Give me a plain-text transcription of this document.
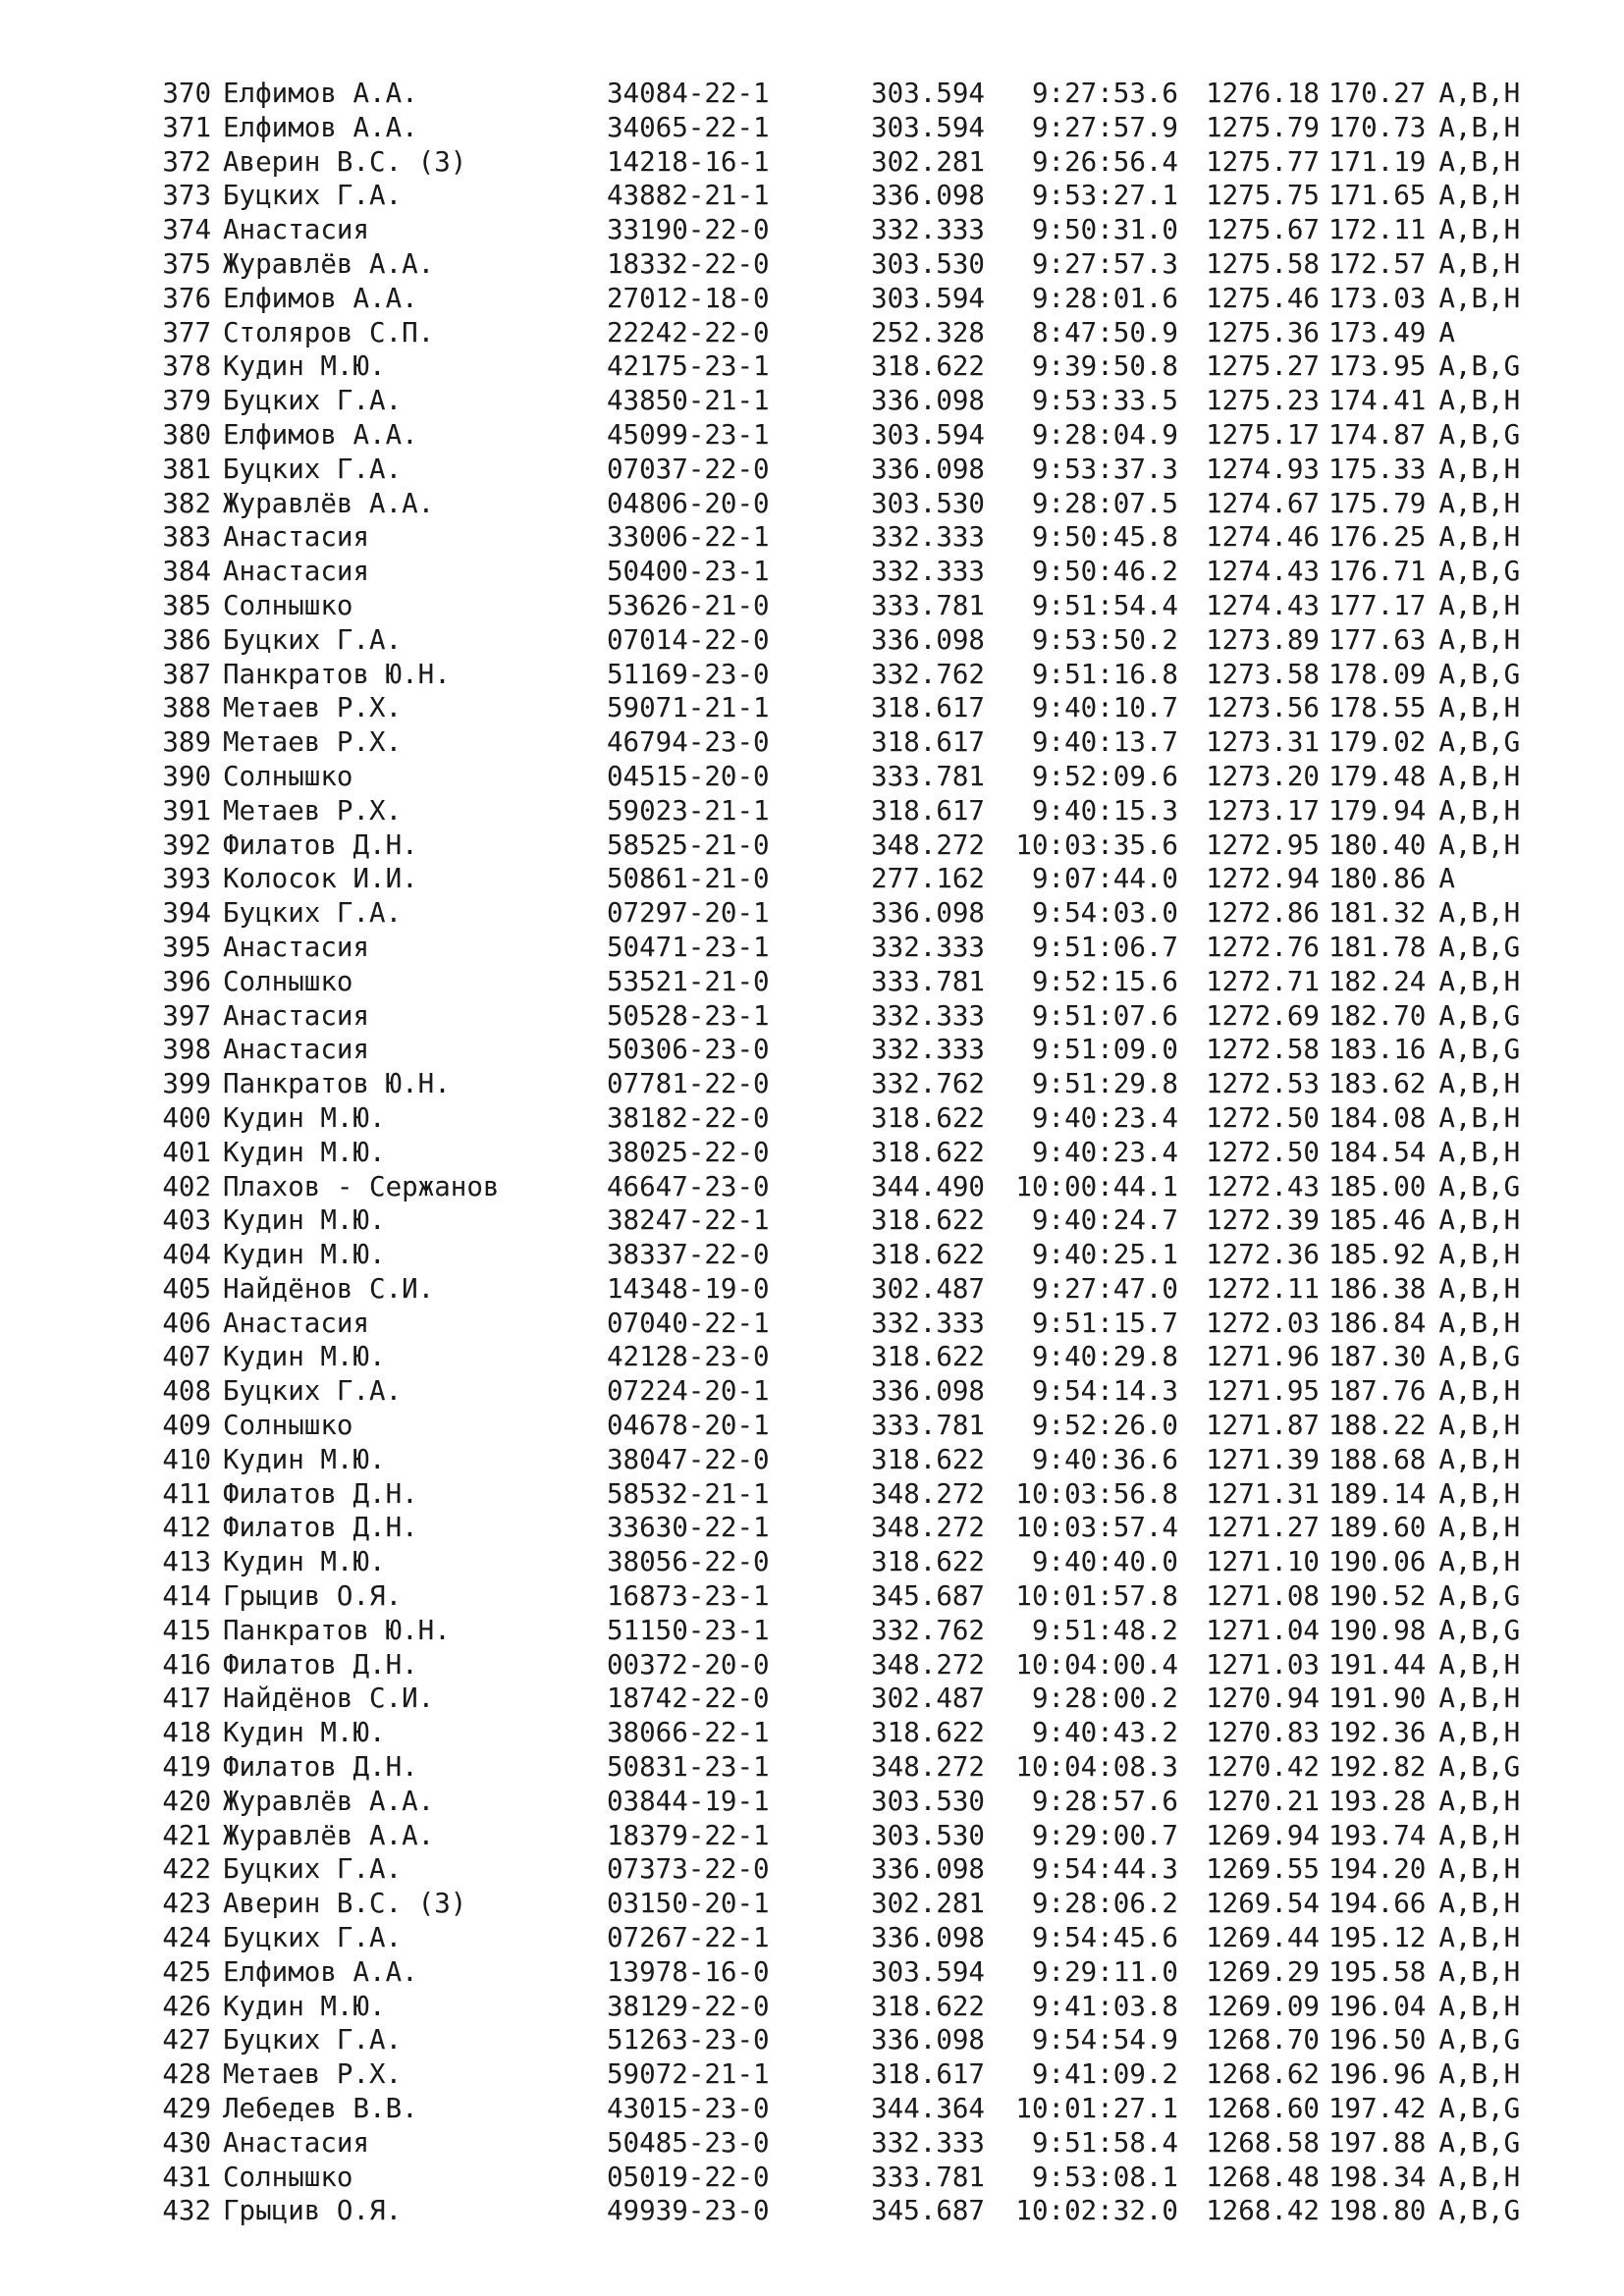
370	Елфимов А.А.	34084-22-1	303.594	9:27:53.6	1276.18	170.27	A,B,H
371	Елфимов А.А.	34065-22-1	303.594	9:27:57.9	1275.79	170.73	A,B,H
372	Аверин В.С. (З)	14218-16-1	302.281	9:26:56.4	1275.77	171.19	A,B,H
373	Буцких Г.А.	43882-21-1	336.098	9:53:27.1	1275.75	171.65	A,B,H
374	Анастасия	33190-22-0	332.333	9:50:31.0	1275.67	172.11	A,B,H
375	Журавлёв А.А.	18332-22-0	303.530	9:27:57.3	1275.58	172.57	A,B,H
376	Елфимов А.А.	27012-18-0	303.594	9:28:01.6	1275.46	173.03	A,B,H
377	Столяров С.П.	22242-22-0	252.328	8:47:50.9	1275.36	173.49	A
378	Кудин М.Ю.	42175-23-1	318.622	9:39:50.8	1275.27	173.95	A,B,G
379	Буцких Г.А.	43850-21-1	336.098	9:53:33.5	1275.23	174.41	A,B,H
380	Елфимов А.А.	45099-23-1	303.594	9:28:04.9	1275.17	174.87	A,B,G
381	Буцких Г.А.	07037-22-0	336.098	9:53:37.3	1274.93	175.33	A,B,H
382	Журавлёв А.А.	04806-20-0	303.530	9:28:07.5	1274.67	175.79	A,B,H
383	Анастасия	33006-22-1	332.333	9:50:45.8	1274.46	176.25	A,B,H
384	Анастасия	50400-23-1	332.333	9:50:46.2	1274.43	176.71	A,B,G
385	Солнышко	53626-21-0	333.781	9:51:54.4	1274.43	177.17	A,B,H
386	Буцких Г.А.	07014-22-0	336.098	9:53:50.2	1273.89	177.63	A,B,H
387	Панкратов Ю.Н.	51169-23-0	332.762	9:51:16.8	1273.58	178.09	A,B,G
388	Метаев Р.Х.	59071-21-1	318.617	9:40:10.7	1273.56	178.55	A,B,H
389	Метаев Р.Х.	46794-23-0	318.617	9:40:13.7	1273.31	179.02	A,B,G
390	Солнышко	04515-20-0	333.781	9:52:09.6	1273.20	179.48	A,B,H
391	Метаев Р.Х.	59023-21-1	318.617	9:40:15.3	1273.17	179.94	A,B,H
392	Филатов Д.Н.	58525-21-0	348.272	10:03:35.6	1272.95	180.40	A,B,H
393	Колосок И.И.	50861-21-0	277.162	9:07:44.0	1272.94	180.86	A
394	Буцких Г.А.	07297-20-1	336.098	9:54:03.0	1272.86	181.32	A,B,H
395	Анастасия	50471-23-1	332.333	9:51:06.7	1272.76	181.78	A,B,G
396	Солнышко	53521-21-0	333.781	9:52:15.6	1272.71	182.24	A,B,H
397	Анастасия	50528-23-1	332.333	9:51:07.6	1272.69	182.70	A,B,G
398	Анастасия	50306-23-0	332.333	9:51:09.0	1272.58	183.16	A,B,G
399	Панкратов Ю.Н.	07781-22-0	332.762	9:51:29.8	1272.53	183.62	A,B,H
400	Кудин М.Ю.	38182-22-0	318.622	9:40:23.4	1272.50	184.08	A,B,H
401	Кудин М.Ю.	38025-22-0	318.622	9:40:23.4	1272.50	184.54	A,B,H
402	Плахов - Сержанов	46647-23-0	344.490	10:00:44.1	1272.43	185.00	A,B,G
403	Кудин М.Ю.	38247-22-1	318.622	9:40:24.7	1272.39	185.46	A,B,H
404	Кудин М.Ю.	38337-22-0	318.622	9:40:25.1	1272.36	185.92	A,B,H
405	Найдёнов С.И.	14348-19-0	302.487	9:27:47.0	1272.11	186.38	A,B,H
406	Анастасия	07040-22-1	332.333	9:51:15.7	1272.03	186.84	A,B,H
407	Кудин М.Ю.	42128-23-0	318.622	9:40:29.8	1271.96	187.30	A,B,G
408	Буцких Г.А.	07224-20-1	336.098	9:54:14.3	1271.95	187.76	A,B,H
409	Солнышко	04678-20-1	333.781	9:52:26.0	1271.87	188.22	A,B,H
410	Кудин М.Ю.	38047-22-0	318.622	9:40:36.6	1271.39	188.68	A,B,H
411	Филатов Д.Н.	58532-21-1	348.272	10:03:56.8	1271.31	189.14	A,B,H
412	Филатов Д.Н.	33630-22-1	348.272	10:03:57.4	1271.27	189.60	A,B,H
413	Кудин М.Ю.	38056-22-0	318.622	9:40:40.0	1271.10	190.06	A,B,H
414	Грыцив О.Я.	16873-23-1	345.687	10:01:57.8	1271.08	190.52	A,B,G
415	Панкратов Ю.Н.	51150-23-1	332.762	9:51:48.2	1271.04	190.98	A,B,G
416	Филатов Д.Н.	00372-20-0	348.272	10:04:00.4	1271.03	191.44	A,B,H
417	Найдёнов С.И.	18742-22-0	302.487	9:28:00.2	1270.94	191.90	A,B,H
418	Кудин М.Ю.	38066-22-1	318.622	9:40:43.2	1270.83	192.36	A,B,H
419	Филатов Д.Н.	50831-23-1	348.272	10:04:08.3	1270.42	192.82	A,B,G
420	Журавлёв А.А.	03844-19-1	303.530	9:28:57.6	1270.21	193.28	A,B,H
421	Журавлёв А.А.	18379-22-1	303.530	9:29:00.7	1269.94	193.74	A,B,H
422	Буцких Г.А.	07373-22-0	336.098	9:54:44.3	1269.55	194.20	A,B,H
423	Аверин В.С. (З)	03150-20-1	302.281	9:28:06.2	1269.54	194.66	A,B,H
424	Буцких Г.А.	07267-22-1	336.098	9:54:45.6	1269.44	195.12	A,B,H
425	Елфимов А.А.	13978-16-0	303.594	9:29:11.0	1269.29	195.58	A,B,H
426	Кудин М.Ю.	38129-22-0	318.622	9:41:03.8	1269.09	196.04	A,B,H
427	Буцких Г.А.	51263-23-0	336.098	9:54:54.9	1268.70	196.50	A,B,G
428	Метаев Р.Х.	59072-21-1	318.617	9:41:09.2	1268.62	196.96	A,B,H
429	Лебедев В.В.	43015-23-0	344.364	10:01:27.1	1268.60	197.42	A,B,G
430	Анастасия	50485-23-0	332.333	9:51:58.4	1268.58	197.88	A,B,G
431	Солнышко	05019-22-0	333.781	9:53:08.1	1268.48	198.34	A,B,H
432	Грыцив О.Я.	49939-23-0	345.687	10:02:32.0	1268.42	198.80	A,B,G
